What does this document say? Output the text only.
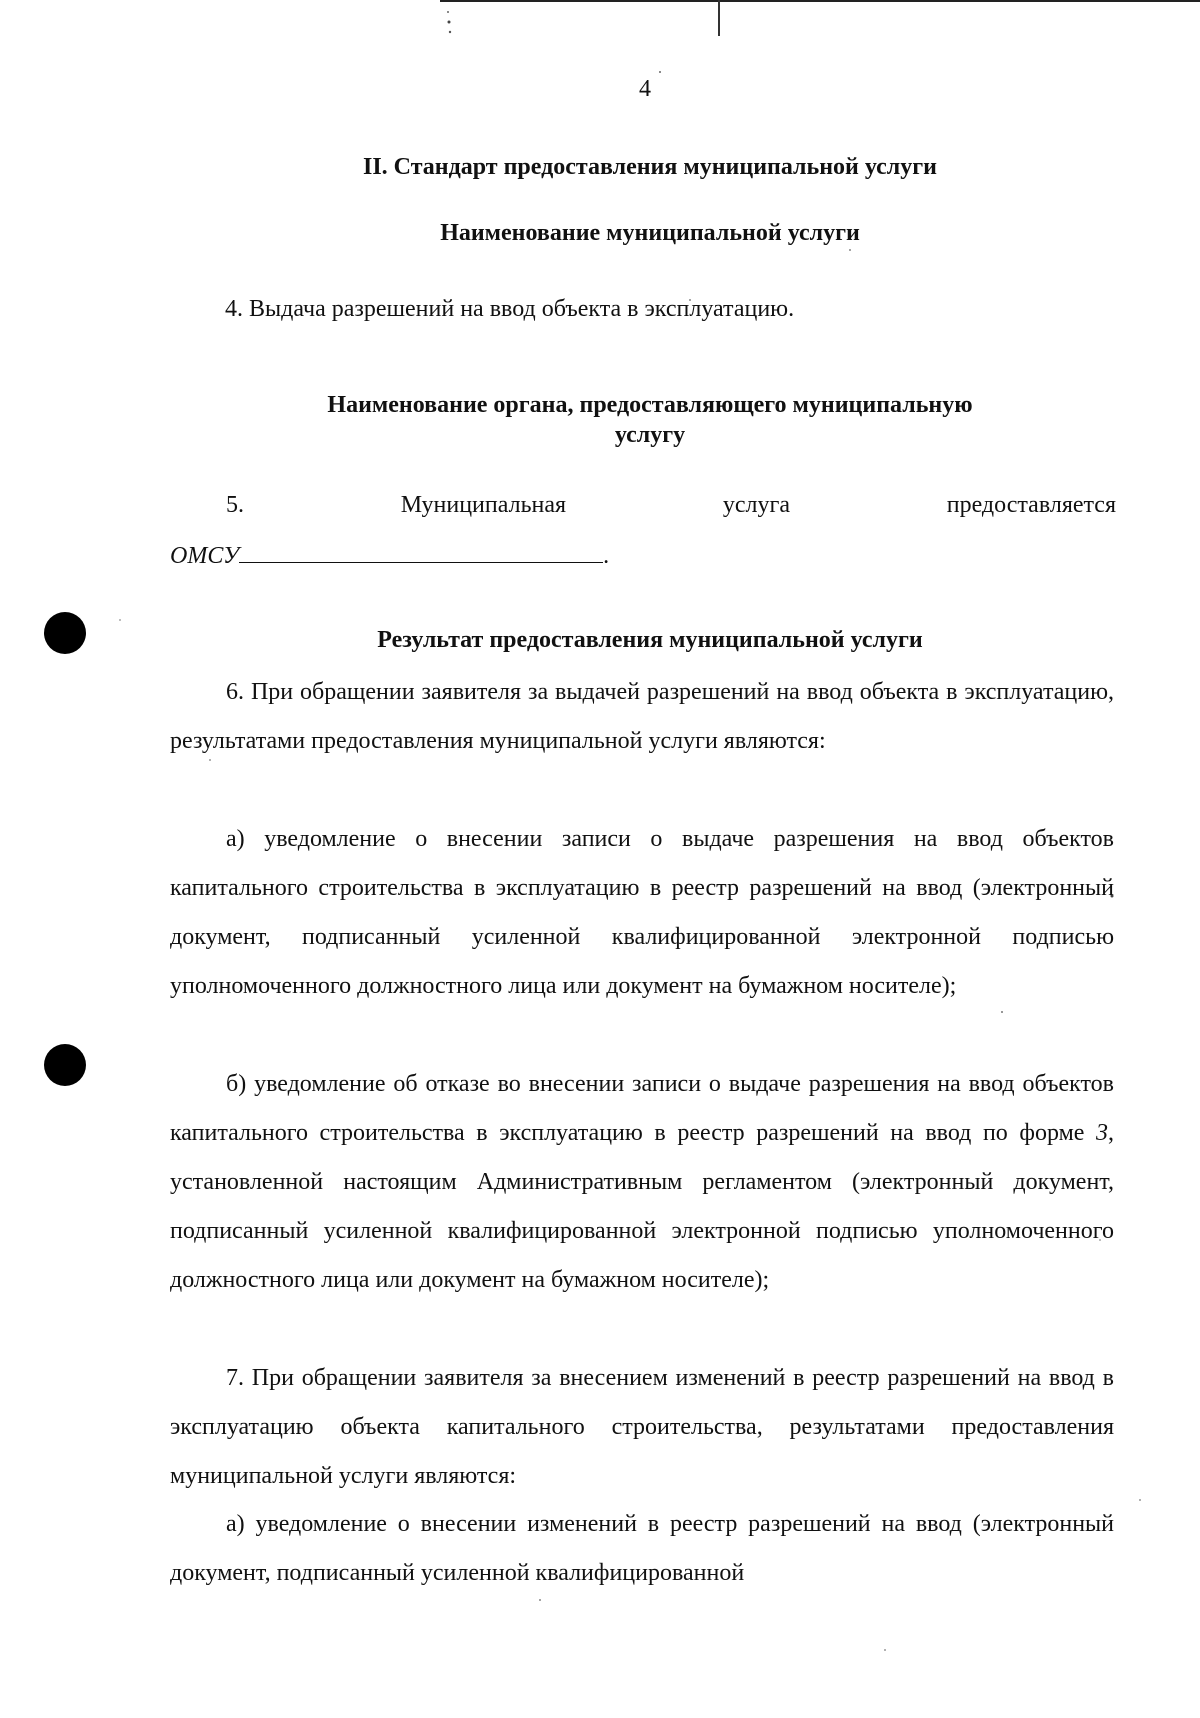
4
II. Стандарт предоставления муниципальной услуги
Наименование муниципальной услуги
4. Выдача разрешений на ввод объекта в эксплуатацию.
Наименование органа, предоставляющего муниципальную услугу
5.	Муниципальная	услуга	предоставляется
ОМСУ	.
Результат предоставления муниципальной услуги
6. При обращении заявителя за выдачей разрешений на ввод объекта в эксплуатацию, результатами предоставления муниципальной услуги являются:
а) уведомление о внесении записи о выдаче разрешения на ввод объектов капитального строительства в эксплуатацию в реестр разрешений на ввод (электронный документ, подписанный усиленной квалифицированной электронной подписью уполномоченного должностного лица или документ на бумажном носителе);
б) уведомление об отказе во внесении записи о выдаче разрешения на ввод объектов капитального строительства в эксплуатацию в реестр разрешений на ввод по форме 3, установленной настоящим Административным регламентом (электронный документ, подписанный усиленной квалифицированной электронной подписью уполномоченного должностного лица или документ на бумажном носителе);
7. При обращении заявителя за внесением изменений в реестр разрешений на ввод в эксплуатацию объекта капитального строительства, результатами предоставления муниципальной услуги являются:
а) уведомление о внесении изменений в реестр разрешений на ввод (электронный документ, подписанный усиленной квалифицированной
